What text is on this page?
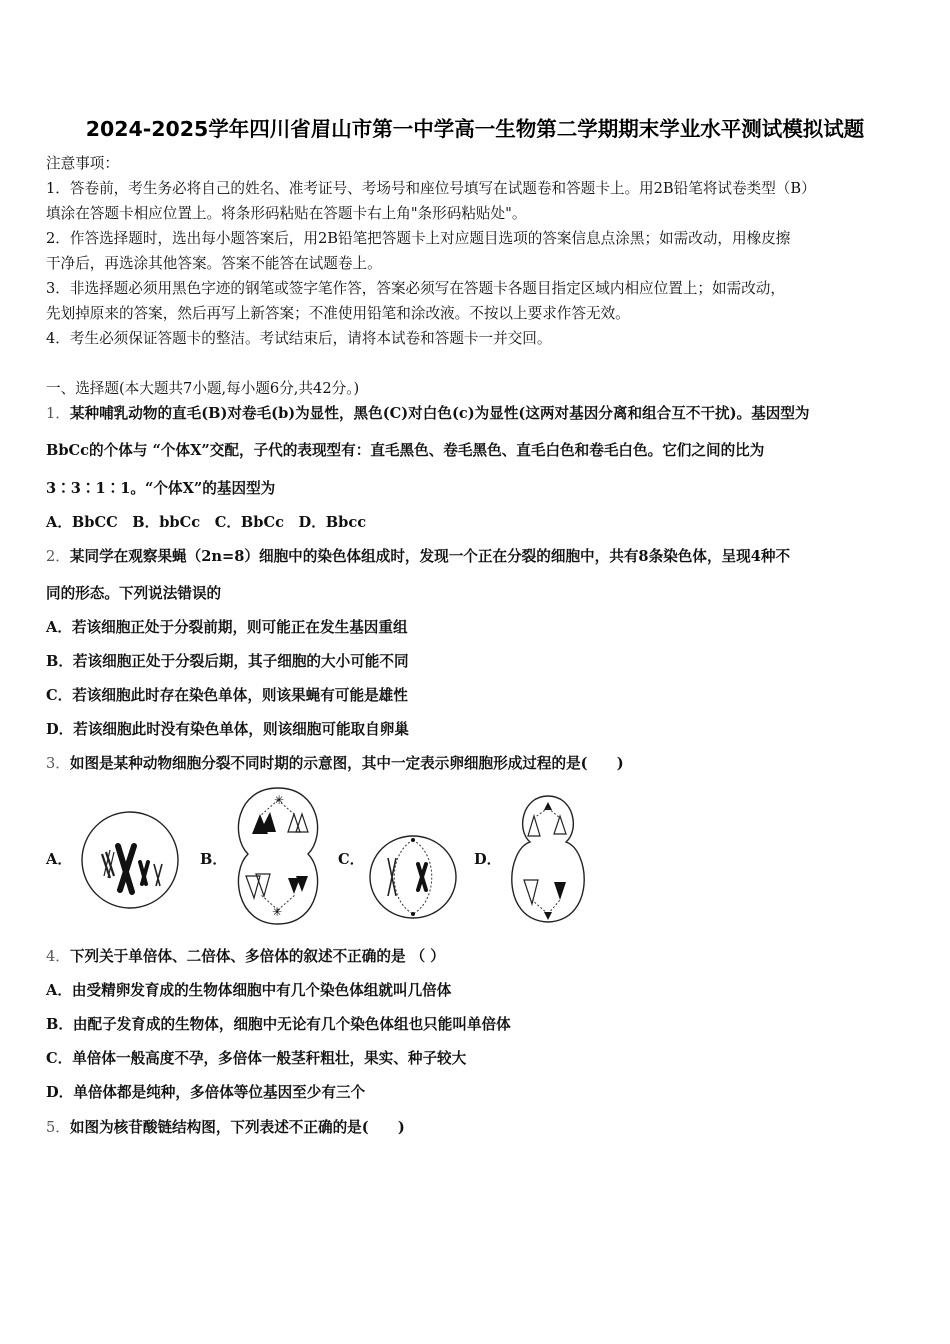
2024-2025学年四川省眉山市第一中学高一生物第二学期期末学业水平测试模拟试题
注意事项：
1．答卷前，考生务必将自己的姓名、准考证号、考场号和座位号填写在试题卷和答题卡上。用2B铅笔将试卷类型（B）
填涂在答题卡相应位置上。将条形码粘贴在答题卡右上角"条形码粘贴处"。
2．作答选择题时，选出每小题答案后，用2B铅笔把答题卡上对应题目选项的答案信息点涂黑；如需改动，用橡皮擦
干净后，再选涂其他答案。答案不能答在试题卷上。
3．非选择题必须用黑色字迹的钢笔或签字笔作答，答案必须写在答题卡各题目指定区域内相应位置上；如需改动，
先划掉原来的答案，然后再写上新答案；不准使用铅笔和涂改液。不按以上要求作答无效。
4．考生必须保证答题卡的整洁。考试结束后，请将本试卷和答题卡一并交回。
一、选择题(本大题共7小题,每小题6分,共42分。)
1．某种哺乳动物的直毛(B)对卷毛(b)为显性，黑色(C)对白色(c)为显性(这两对基因分离和组合互不干扰)。基因型为
BbCc的个体与 “个体X”交配，子代的表现型有：直毛黑色、卷毛黑色、直毛白色和卷毛白色。它们之间的比为
3∶3∶1∶1。“个体X”的基因型为
A．BbCC　B．bbCc　C．BbCc　D．Bbcc
2．某同学在观察果蝇（2n=8）细胞中的染色体组成时，发现一个正在分裂的细胞中，共有8条染色体，呈现4种不
同的形态。下列说法错误的
A．若该细胞正处于分裂前期，则可能正在发生基因重组
B．若该细胞正处于分裂后期，其子细胞的大小可能不同
C．若该细胞此时存在染色单体，则该果蝇有可能是雄性
D．若该细胞此时没有染色单体，则该细胞可能取自卵巢
3．如图是某种动物细胞分裂不同时期的示意图，其中一定表示卵细胞形成过程的是(　　)
A．	B．
✳
✳
C．	D．
4．下列关于单倍体、二倍体、多倍体的叙述不正确的是 （ ）
A．由受精卵发育成的生物体细胞中有几个染色体组就叫几倍体
B．由配子发育成的生物体，细胞中无论有几个染色体组也只能叫单倍体
C．单倍体一般高度不孕，多倍体一般茎秆粗壮，果实、种子较大
D．单倍体都是纯种，多倍体等位基因至少有三个
5．如图为核苷酸链结构图，下列表述不正确的是(　　)
